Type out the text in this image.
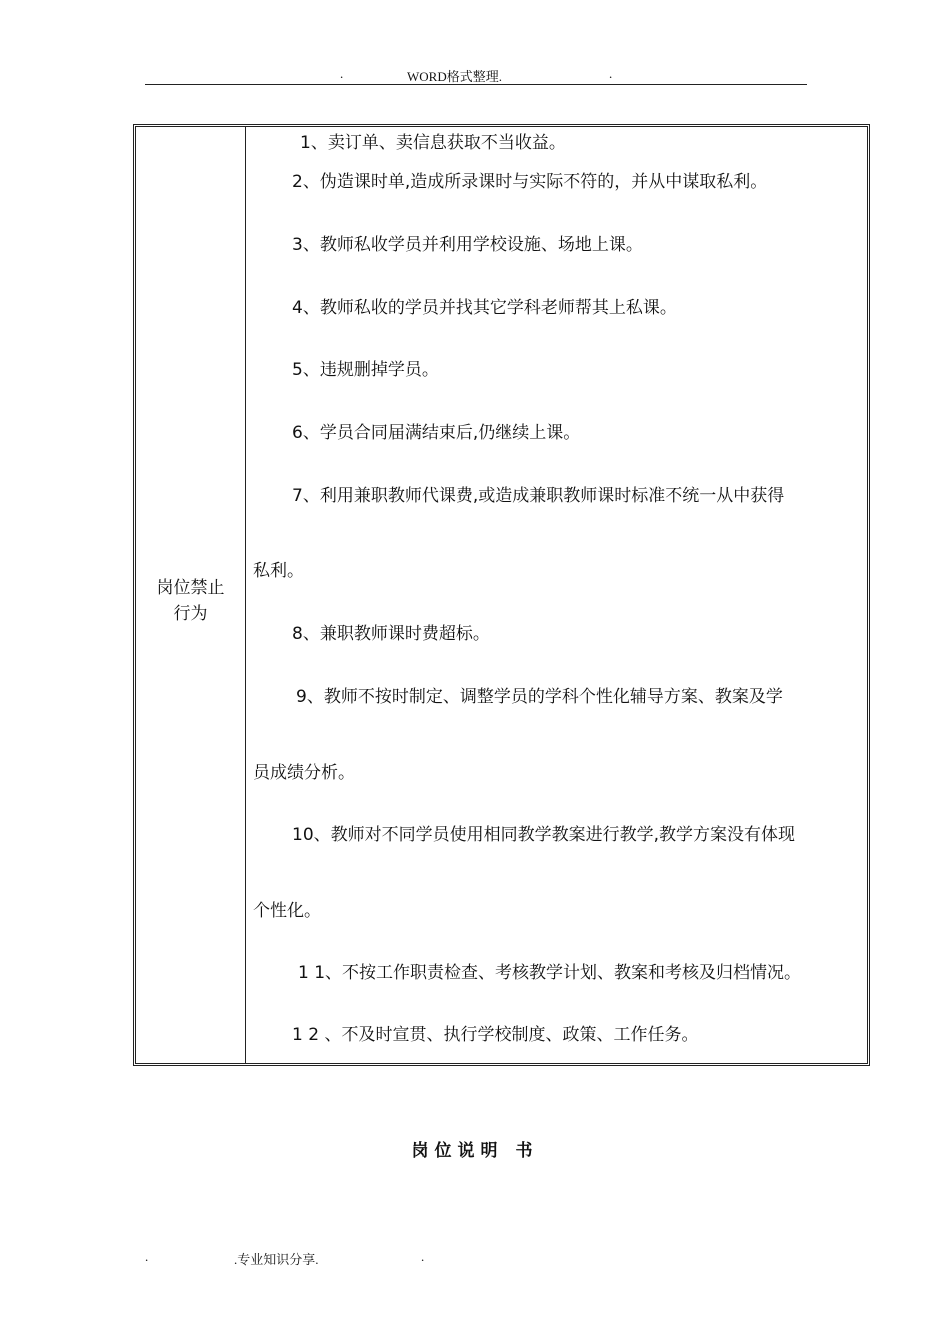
.	WORD格式整理.	.
岗位禁止
行为
1、卖订单、卖信息获取不当收益。
2、伪造课时单,造成所录课时与实际不符的，并从中谋取私利。
3、教师私收学员并利用学校设施、场地上课。
4、教师私收的学员并找其它学科老师帮其上私课。
5、违规删掉学员。
6、学员合同届满结束后,仍继续上课。
7、利用兼职教师代课费,或造成兼职教师课时标准不统一从中获得
私利。
8、兼职教师课时费超标。
9、教师不按时制定、调整学员的学科个性化辅导方案、教案及学
员成绩分析。
10、教师对不同学员使用相同教学教案进行教学,教学方案没有体现
个性化。
1 1、不按工作职责检查、考核教学计划、教案和考核及归档情况。
1 2 、不及时宣贯、执行学校制度、政策、工作任务。
岗位说明 书
.	.专业知识分享.	.
